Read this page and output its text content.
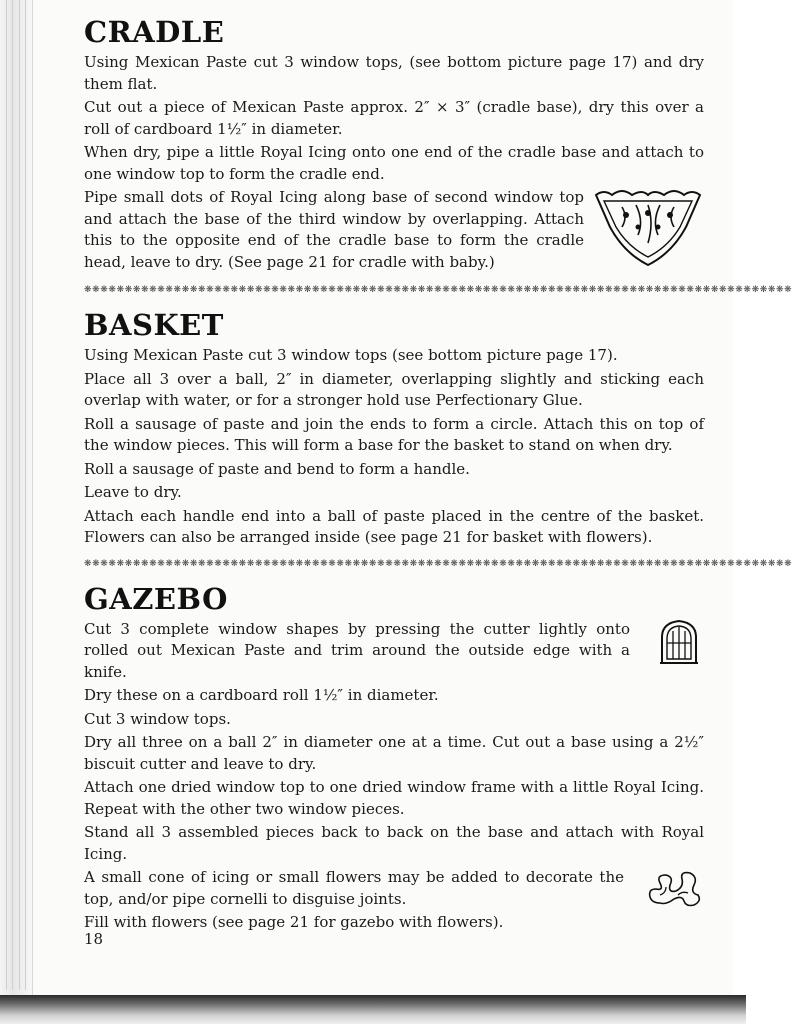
CRADLE

Using Mexican Paste cut 3 window tops, (see bottom picture page 17) and dry them flat.

Cut out a piece of Mexican Paste approx. 2″ × 3″ (cradle base), dry this over a roll of cardboard 1½″ in diameter.

When dry, pipe a little Royal Icing onto one end of the cradle base and attach to one window top to form the cradle end.

Pipe small dots of Royal Icing along base of second window top and attach the base of the third window by overlapping. Attach this to the opposite end of the cradle base to form the cradle head, leave to dry. (See page 21 for cradle with baby.)

❋❋❋❋❋❋❋❋❋❋❋❋❋❋❋❋❋❋❋❋❋❋❋❋❋❋❋❋❋❋❋❋❋❋❋❋❋❋❋❋❋❋❋❋❋❋❋❋❋❋❋❋❋❋❋❋❋❋❋❋❋❋❋❋❋❋❋❋❋❋❋❋❋❋❋❋❋❋❋❋❋❋❋❋❋❋❋
BASKET

Using Mexican Paste cut 3 window tops (see bottom picture page 17).

Place all 3 over a ball, 2″ in diameter, overlapping slightly and sticking each overlap with water, or for a stronger hold use Perfectionary Glue.

Roll a sausage of paste and join the ends to form a circle. Attach this on top of the window pieces. This will form a base for the basket to stand on when dry.

Roll a sausage of paste and bend to form a handle.

Leave to dry.

Attach each handle end into a ball of paste placed in the centre of the basket. Flowers can also be arranged inside (see page 21 for basket with flowers).

❋❋❋❋❋❋❋❋❋❋❋❋❋❋❋❋❋❋❋❋❋❋❋❋❋❋❋❋❋❋❋❋❋❋❋❋❋❋❋❋❋❋❋❋❋❋❋❋❋❋❋❋❋❋❋❋❋❋❋❋❋❋❋❋❋❋❋❋❋❋❋❋❋❋❋❋❋❋❋❋❋❋❋❋❋❋❋
GAZEBO

Cut 3 complete window shapes by pressing the cutter lightly onto rolled out Mexican Paste and trim around the outside edge with a knife.

Dry these on a cardboard roll 1½″ in diameter.

Cut 3 window tops.

Dry all three on a ball 2″ in diameter one at a time. Cut out a base using a 2½″ biscuit cutter and leave to dry.

Attach one dried window top to one dried window frame with a little Royal Icing. Repeat with the other two window pieces.

Stand all 3 assembled pieces back to back on the base and attach with Royal Icing.

A small cone of icing or small flowers may be added to decorate the top, and/or pipe cornelli to disguise joints.

Fill with flowers (see page 21 for gazebo with flowers).

18
